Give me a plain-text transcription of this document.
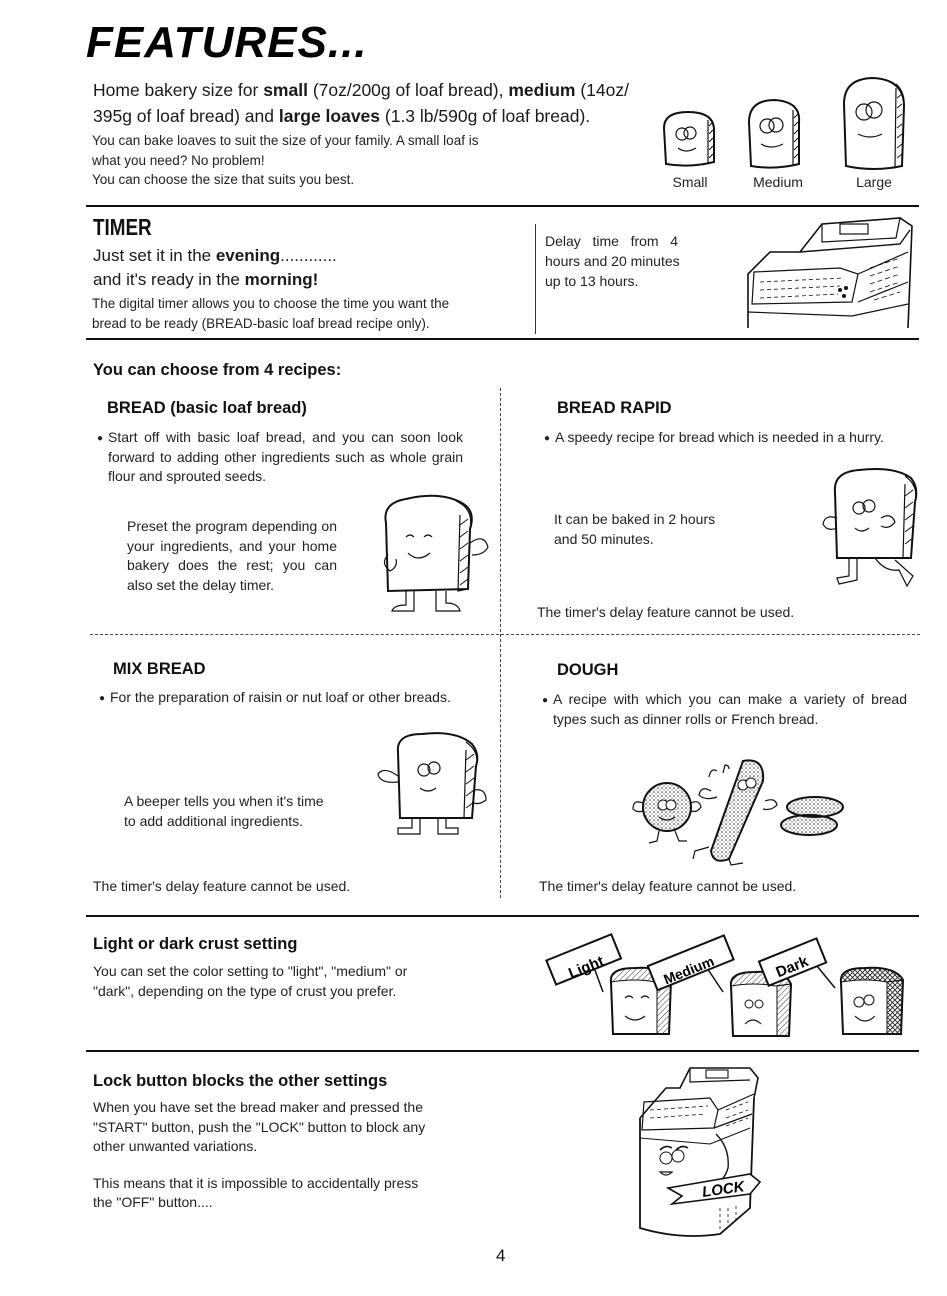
FEATURES...
Home bakery size for small (7oz/200g of loaf bread), medium (14oz/
395g of loaf bread) and large loaves (1.3 lb/590g of loaf bread).
You can bake loaves to suit the size of your family. A small loaf is
what you need? No problem!
You can choose the size that suits you best.	Small	Medium	Large
TIMER
Just set it in the evening............
and it's ready in the morning!
The digital timer allows you to choose the time you want the
bread to be ready (BREAD-basic loaf bread recipe only).
Delay   time   from   4
hours and 20 minutes
up to 13 hours.
You can choose from 4 recipes:
BREAD (basic loaf bread)
● Start off with basic loaf bread, and you can soon look forward to adding other ingredients such as whole grain flour and sprouted seeds.
Preset the program depending on your ingredients, and your home bakery does the rest; you can also set the delay timer.
BREAD RAPID
● A speedy recipe for bread which is needed in a hurry.
It can be baked in 2 hours
and 50 minutes.
The timer's delay feature cannot be used.
MIX BREAD
● For the preparation of raisin or nut loaf or other breads.
A beeper tells you when it's time
to add additional ingredients.
The timer's delay feature cannot be used.
DOUGH
● A recipe with which you can make a variety of bread types such as dinner rolls or French bread.
The timer's delay feature cannot be used.
Light or dark crust setting
You can set the color setting to "light", "medium" or
"dark", depending on the type of crust you prefer.
Light	Medium	Dark
Lock button blocks the other settings
When you have set the bread maker and pressed the
"START" button, push the "LOCK" button to block any
other unwanted variations.
This means that it is impossible to accidentally press
the "OFF" button....
LOCK
4
